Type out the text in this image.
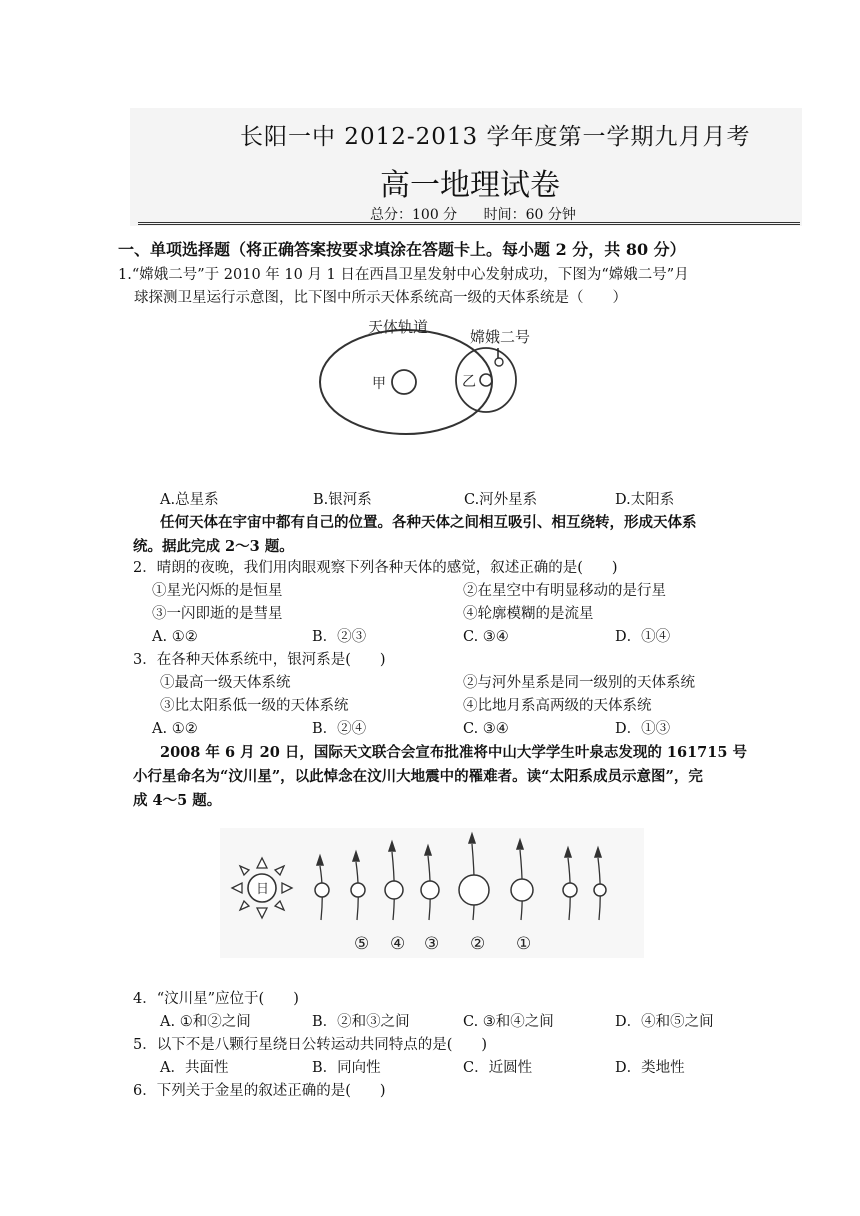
长阳一中 2012-2013 学年度第一学期九月月考
高一地理试卷
总分：100 分 时间：60 分钟
一、单项选择题（将正确答案按要求填涂在答题卡上。每小题 2 分，共 80 分）
1.“嫦娥二号”于 2010 年 10 月 1 日在西昌卫星发射中心发射成功，下图为“嫦娥二号”月
球探测卫星运行示意图，比下图中所示天体系统高一级的天体系统是（　　）
天体轨道
甲	乙
嫦娥二号
A.总星系	B.银河系	C.河外星系	D.太阳系
任何天体在宇宙中都有自己的位置。各种天体之间相互吸引、相互绕转，形成天体系
统。据此完成 2～3 题。
2．晴朗的夜晚，我们用肉眼观察下列各种天体的感觉，叙述正确的是(　　)
①星光闪烁的是恒星	②在星空中有明显移动的是行星
③一闪即逝的是彗星	④轮廓模糊的是流星
A. ①②	B．②③	C. ③④	D．①④
3．在各种天体系统中，银河系是(　　)
①最高一级天体系统	②与河外星系是同一级别的天体系统
③比太阳系低一级的天体系统	④比地月系高两级的天体系统
A. ①②	B．②④	C. ③④	D．①③
2008 年 6 月 20 日，国际天文联合会宣布批准将中山大学学生叶泉志发现的 161715 号
小行星命名为“汶川星”，以此悼念在汶川大地震中的罹难者。读“太阳系成员示意图”，完
成 4～5 题。
日
⑤ ④ ③ ② ①
4．“汶川星”应位于(　　)
A. ①和②之间	B．②和③之间	C. ③和④之间	D．④和⑤之间
5．以下不是八颗行星绕日公转运动共同特点的是(　　)
A．共面性	B．同向性	C．近圆性	D．类地性
6．下列关于金星的叙述正确的是(　　)
